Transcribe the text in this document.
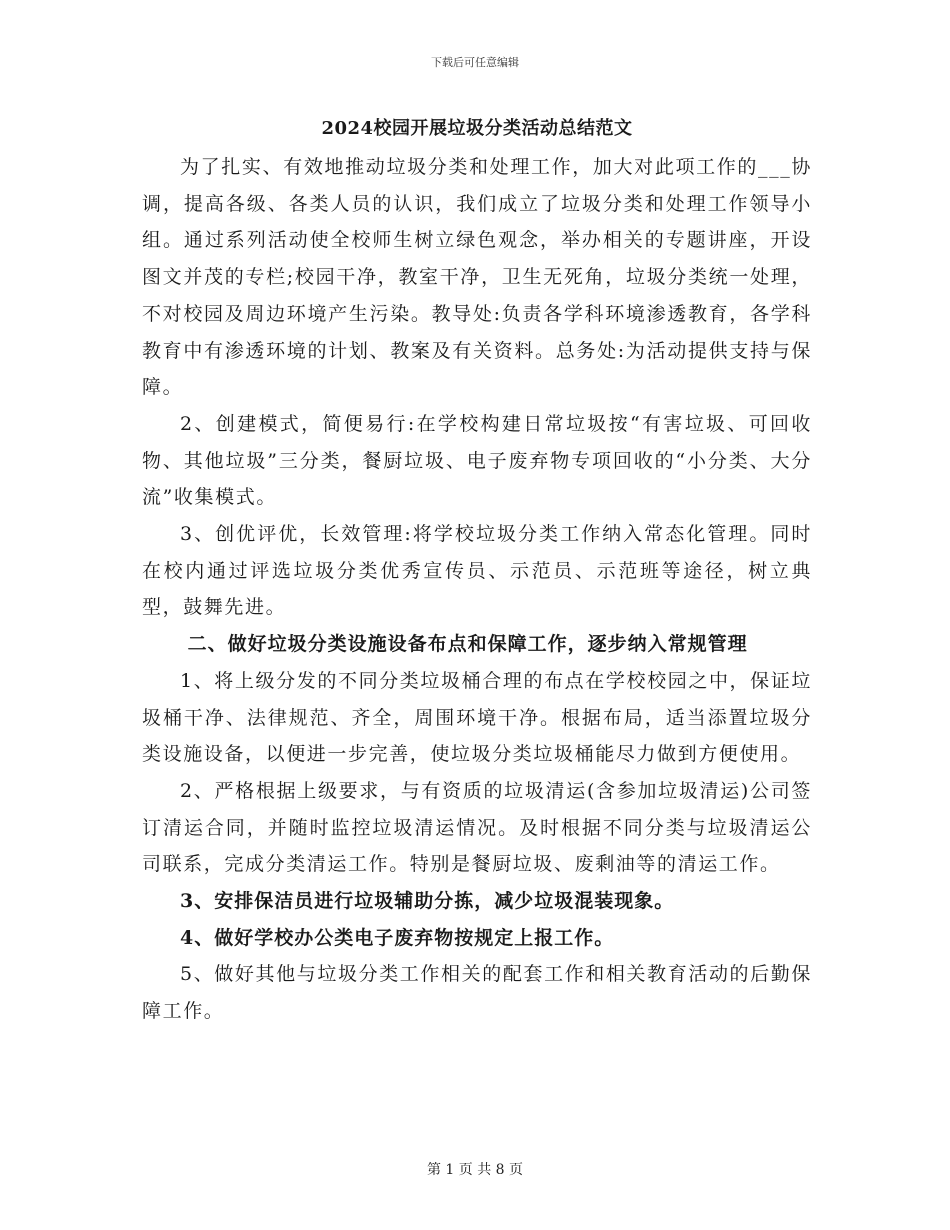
下载后可任意编辑
2024校园开展垃圾分类活动总结范文

为了扎实、有效地推动垃圾分类和处理工作，加大对此项工作的___协调，提高各级、各类人员的认识，我们成立了垃圾分类和处理工作领导小组。通过系列活动使全校师生树立绿色观念，举办相关的专题讲座，开设图文并茂的专栏;校园干净，教室干净，卫生无死角，垃圾分类统一处理，不对校园及周边环境产生污染。教导处:负责各学科环境渗透教育，各学科教育中有渗透环境的计划、教案及有关资料。总务处:为活动提供支持与保障。

2、创建模式，简便易行:在学校构建日常垃圾按“有害垃圾、可回收物、其他垃圾”三分类，餐厨垃圾、电子废弃物专项回收的“小分类、大分流”收集模式。

3、创优评优，长效管理:将学校垃圾分类工作纳入常态化管理。同时在校内通过评选垃圾分类优秀宣传员、示范员、示范班等途径，树立典型，鼓舞先进。

二、做好垃圾分类设施设备布点和保障工作，逐步纳入常规管理

1、将上级分发的不同分类垃圾桶合理的布点在学校校园之中，保证垃圾桶干净、法律规范、齐全，周围环境干净。根据布局，适当添置垃圾分类设施设备，以便进一步完善，使垃圾分类垃圾桶能尽力做到方便使用。

2、严格根据上级要求，与有资质的垃圾清运(含参加垃圾清运)公司签订清运合同，并随时监控垃圾清运情况。及时根据不同分类与垃圾清运公司联系，完成分类清运工作。特别是餐厨垃圾、废剩油等的清运工作。

3、安排保洁员进行垃圾辅助分拣，减少垃圾混装现象。

4、做好学校办公类电子废弃物按规定上报工作。

5、做好其他与垃圾分类工作相关的配套工作和相关教育活动的后勤保障工作。

第 1 页 共 8 页
